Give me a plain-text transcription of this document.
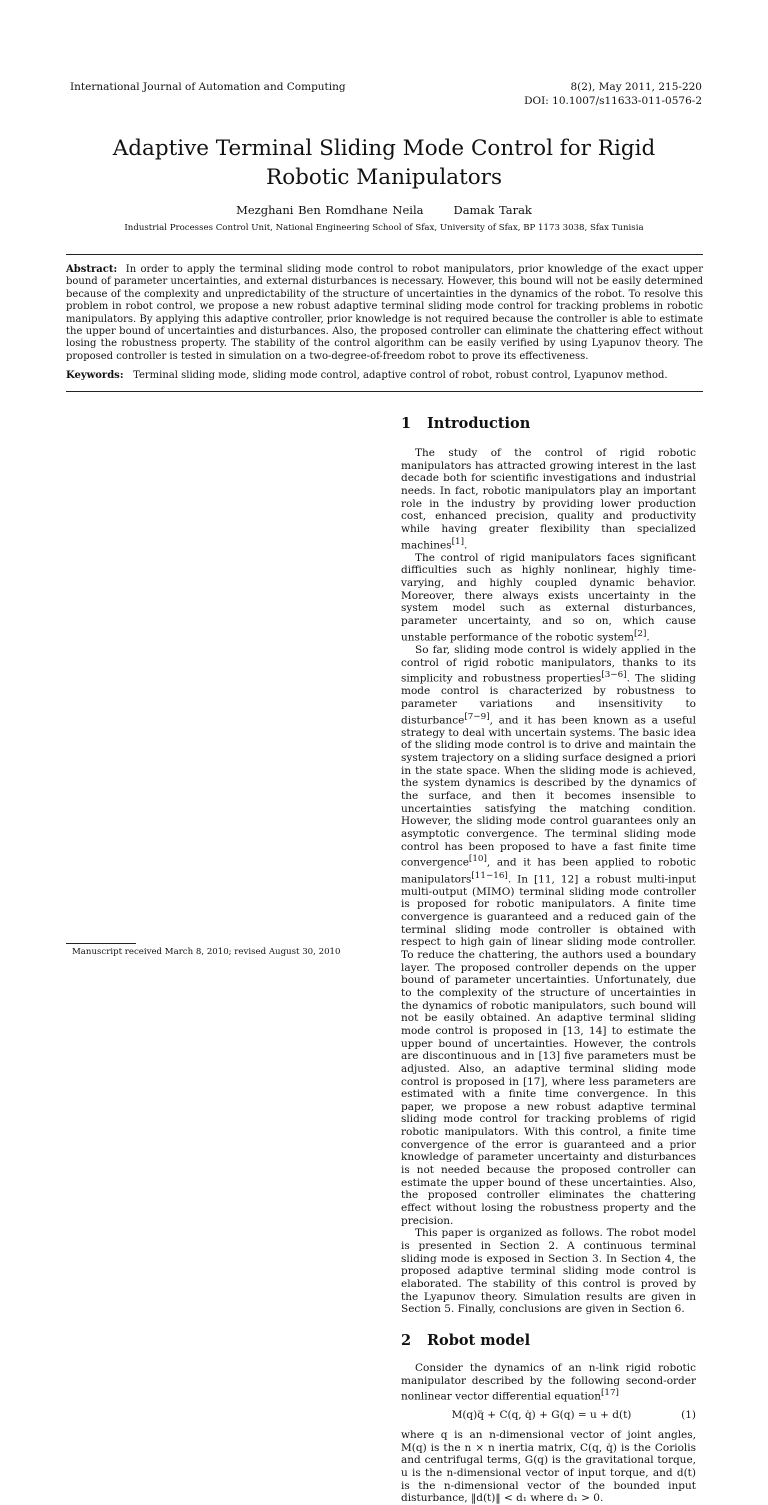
International Journal of Automation and Computing	8(2), May 2011, 215-220
DOI: 10.1007/s11633-011-0576-2
Adaptive Terminal Sliding Mode Control for Rigid
Robotic Manipulators
Mezghani Ben Romdhane Neila	Damak Tarak
Industrial Processes Control Unit, National Engineering School of Sfax, University of Sfax, BP 1173 3038, Sfax Tunisia
Abstract: In order to apply the terminal sliding mode control to robot manipulators, prior knowledge of the exact upper bound of parameter uncertainties, and external disturbances is necessary. However, this bound will not be easily determined because of the complexity and unpredictability of the structure of uncertainties in the dynamics of the robot. To resolve this problem in robot control, we propose a new robust adaptive terminal sliding mode control for tracking problems in robotic manipulators. By applying this adaptive controller, prior knowledge is not required because the controller is able to estimate the upper bound of uncertainties and disturbances. Also, the proposed controller can eliminate the chattering effect without losing the robustness property. The stability of the control algorithm can be easily verified by using Lyapunov theory. The proposed controller is tested in simulation on a two-degree-of-freedom robot to prove its effectiveness.
Keywords: Terminal sliding mode, sliding mode control, adaptive control of robot, robust control, Lyapunov method.
Manuscript received March 8, 2010; revised August 30, 2010
1 Introduction

The study of the control of rigid robotic manipulators has attracted growing interest in the last decade both for scientific investigations and industrial needs. In fact, robotic manipulators play an important role in the industry by providing lower production cost, enhanced precision, quality and productivity while having greater flexibility than specialized machines[1].

The control of rigid manipulators faces significant difficulties such as highly nonlinear, highly time-varying, and highly coupled dynamic behavior. Moreover, there always exists uncertainty in the system model such as external disturbances, parameter uncertainty, and so on, which cause unstable performance of the robotic system[2].

So far, sliding mode control is widely applied in the control of rigid robotic manipulators, thanks to its simplicity and robustness properties[3−6]. The sliding mode control is characterized by robustness to parameter variations and insensitivity to disturbance[7−9], and it has been known as a useful strategy to deal with uncertain systems. The basic idea of the sliding mode control is to drive and maintain the system trajectory on a sliding surface designed a priori in the state space. When the sliding mode is achieved, the system dynamics is described by the dynamics of the surface, and then it becomes insensible to uncertainties satisfying the matching condition. However, the sliding mode control guarantees only an asymptotic convergence. The terminal sliding mode control has been proposed to have a fast finite time convergence[10], and it has been applied to robotic manipulators[11−16]. In [11, 12] a robust multi-input multi-output (MIMO) terminal sliding mode controller is proposed for robotic manipulators. A finite time convergence is guaranteed and a reduced gain of the terminal sliding mode controller is obtained with respect to high gain of linear sliding mode controller. To reduce the chattering, the authors used a boundary layer. The proposed controller depends on the upper bound of parameter uncertainties. Unfortunately, due to the complexity of the structure of uncertainties in the dynamics of robotic manipulators, such bound will not be easily obtained. An adaptive terminal sliding mode control is proposed in [13, 14] to estimate the upper bound of uncertainties. However, the controls are discontinuous and in [13] five parameters must be adjusted. Also, an adaptive terminal sliding mode control is proposed in [17], where less parameters are estimated with a finite time convergence. In this paper, we propose a new robust adaptive terminal sliding mode control for tracking problems of rigid robotic manipulators. With this control, a finite time convergence of the error is guaranteed and a prior knowledge of parameter uncertainty and disturbances is not needed because the proposed controller can estimate the upper bound of these uncertainties. Also, the proposed controller eliminates the chattering effect without losing the robustness property and the precision.

This paper is organized as follows. The robot model is presented in Section 2. A continuous terminal sliding mode is exposed in Section 3. In Section 4, the proposed adaptive terminal sliding mode control is elaborated. The stability of this control is proved by the Lyapunov theory. Simulation results are given in Section 5. Finally, conclusions are given in Section 6.

2 Robot model

Consider the dynamics of an n-link rigid robotic manipulator described by the following second-order nonlinear vector differential equation[17]

M(q)q̈ + C(q, q̇) + G(q) = u + d(t)	(1)

where q is an n-dimensional vector of joint angles, M(q) is the n × n inertia matrix, C(q, q̇) is the Coriolis and centrifugal terms, G(q) is the gravitational torque, u is the n-dimensional vector of input torque, and d(t) is the n-dimensional vector of the bounded input disturbance, ‖d(t)‖ < d₁ where d₁ > 0.
